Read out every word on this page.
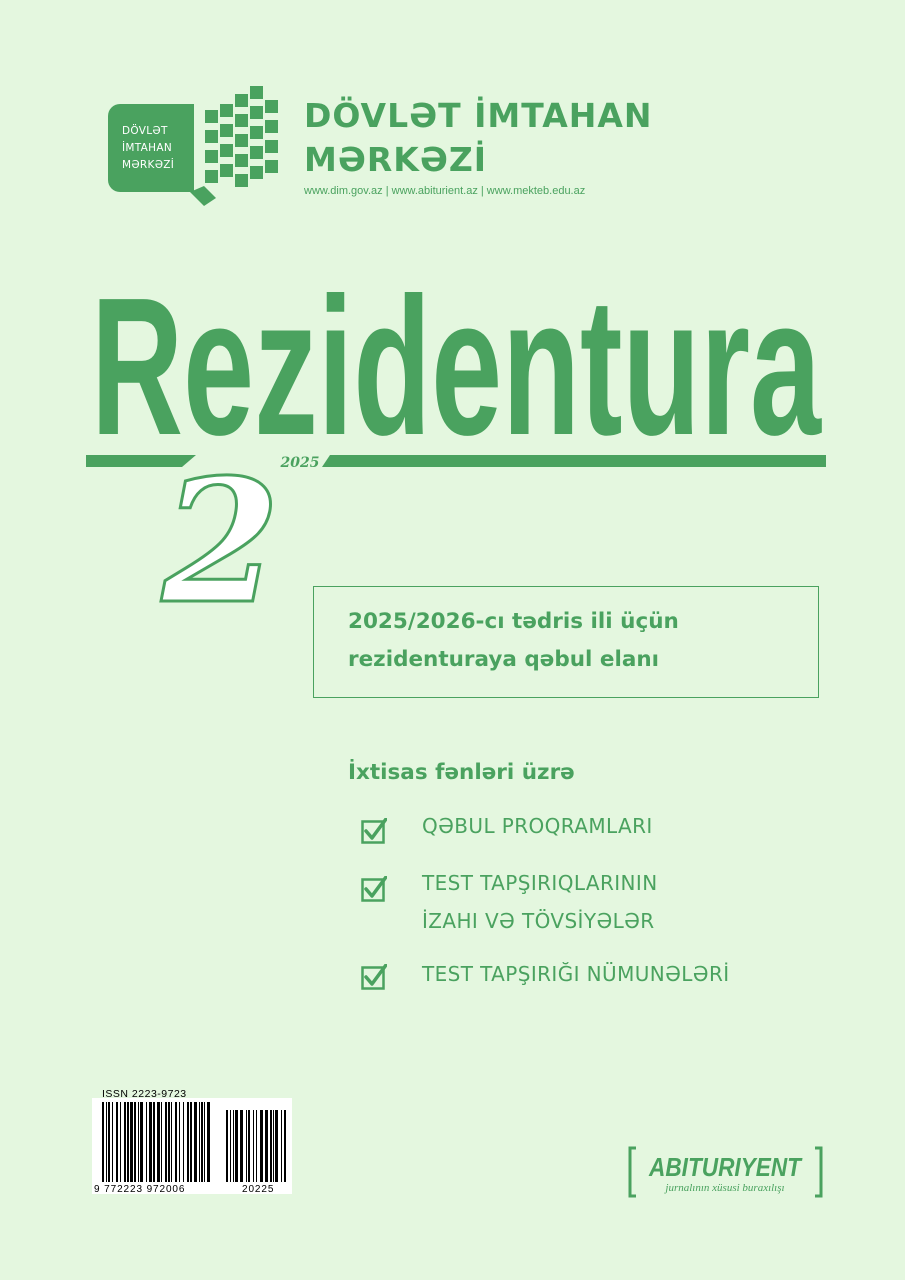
DÖVLƏT
İMTAHAN
MƏRKƏZİ
DÖVLƏT İMTAHAN
MƏRKƏZİ
www.dim.gov.az | www.abiturient.az | www.mekteb.edu.az
Rezidentura
2025
2	2025/2026-cı tədris ili üçün
rezidenturaya qəbul elanı
İxtisas fənləri üzrə
QƏBUL PROQRAMLARI
TEST TAPŞIRIQLARININ
İZAHI VƏ TÖVSİYƏLƏR
TEST TAPŞIRIĞI NÜMUNƏLƏRİ
ISSN 2223-9723
9 772223 972006	20225
ABITURIYENT
jurnalının xüsusi buraxılışı
